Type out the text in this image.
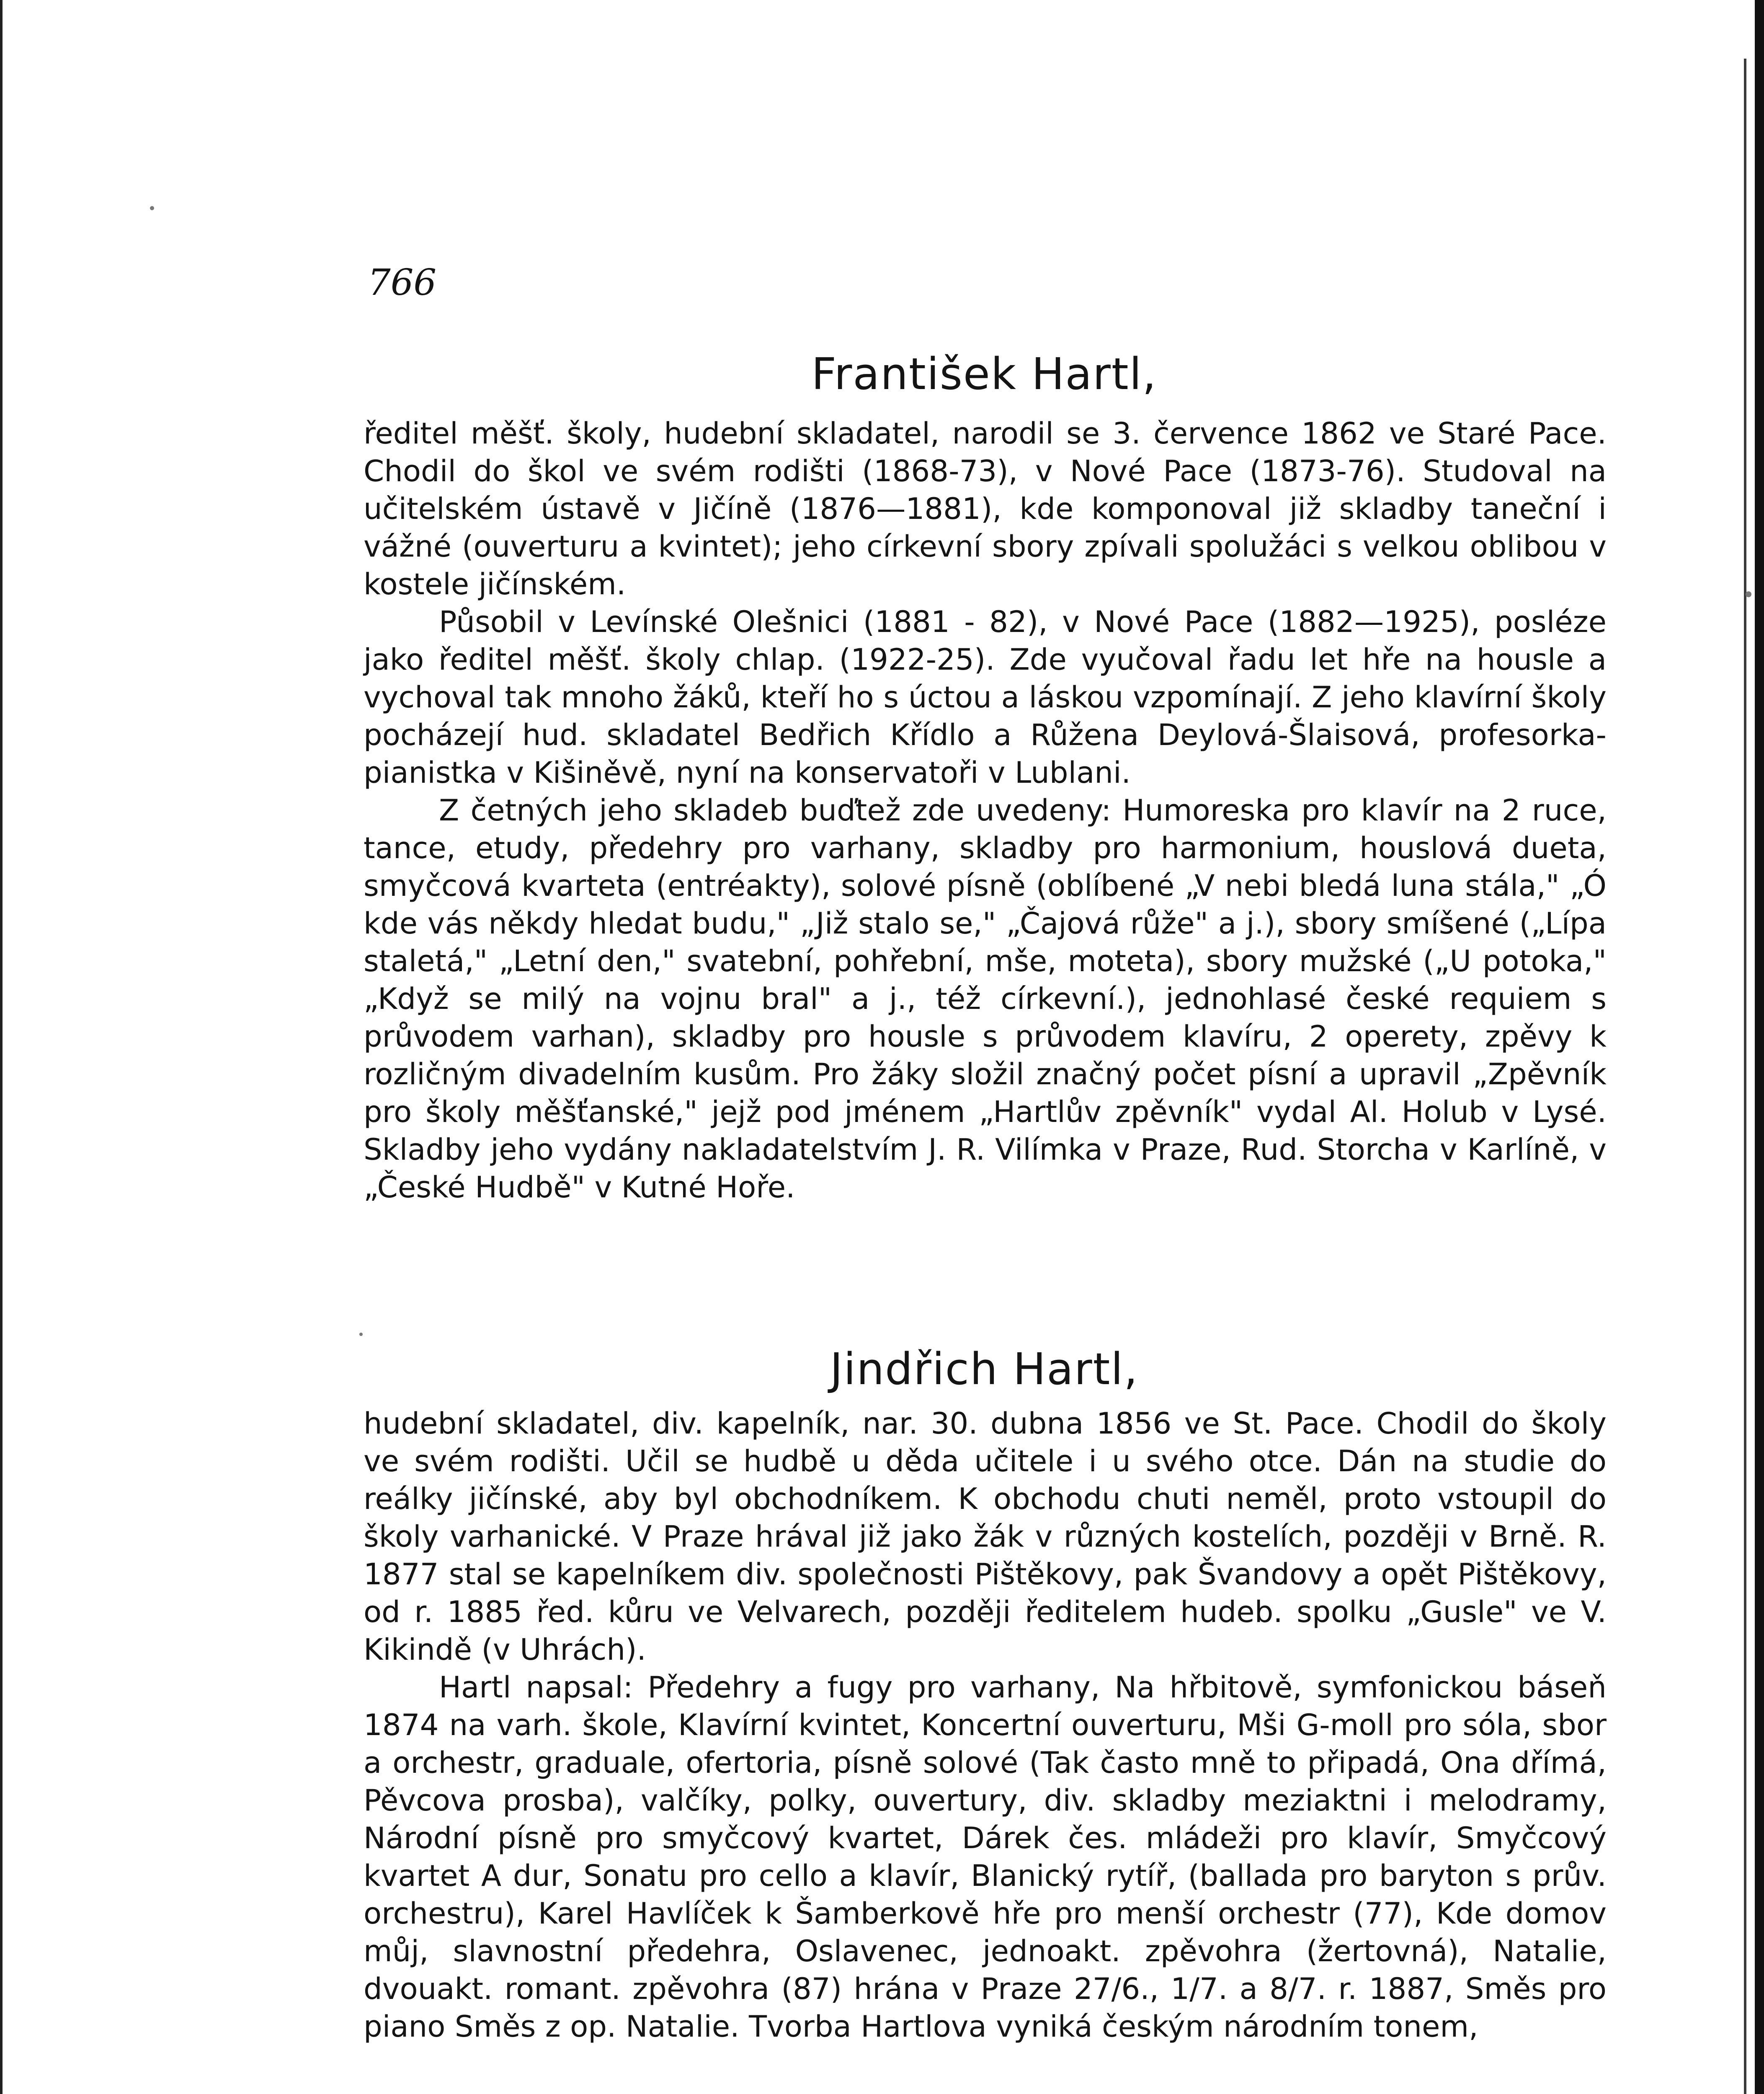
766
František Hartl,

ředitel měšť. školy, hudební skladatel, narodil se 3. července 1862 ve Staré Pace. Chodil do škol ve svém rodišti (1868-73), v Nové Pace (1873-76). Studoval na učitelském ústavě v Jičíně (1876—1881), kde komponoval již skladby taneční i vážné (ouverturu a kvintet); jeho církevní sbory zpívali spolužáci s velkou oblibou v kostele jičínském.

Působil v Levínské Olešnici (1881 - 82), v Nové Pace (1882—1925), posléze jako ředitel měšť. školy chlap. (1922-25). Zde vyučoval řadu let hře na housle a vychoval tak mnoho žáků, kteří ho s úctou a láskou vzpomínají. Z jeho klavírní školy pocházejí hud. skladatel Bedřich Křídlo a Růžena Deylová-Šlaisová, profesorka-pianistka v Kišiněvě, nyní na konservatoři v Lublani.

Z četných jeho skladeb buďtež zde uvedeny: Humoreska pro klavír na 2 ruce, tance, etudy, předehry pro varhany, skladby pro harmonium, houslová dueta, smyčcová kvarteta (entréakty), solové písně (oblíbené „V nebi bledá luna stála," „Ó kde vás někdy hledat budu," „Již stalo se," „Čajová růže" a j.), sbory smíšené („Lípa staletá," „Letní den," svatební, pohřební, mše, moteta), sbory mužské („U potoka," „Když se milý na vojnu bral" a j., též církevní.), jednohlasé české requiem s průvodem varhan), skladby pro housle s průvodem klavíru, 2 operety, zpěvy k rozličným divadelním kusům. Pro žáky složil značný počet písní a upravil „Zpěvník pro školy měšťanské," jejž pod jménem „Hartlův zpěvník" vydal Al. Holub v Lysé. Skladby jeho vydány nakladatelstvím J. R. Vilímka v Praze, Rud. Storcha v Karlíně, v „České Hudbě" v Kutné Hoře.

Jindřich Hartl,

hudební skladatel, div. kapelník, nar. 30. dubna 1856 ve St. Pace. Chodil do školy ve svém rodišti. Učil se hudbě u děda učitele i u svého otce. Dán na studie do reálky jičínské, aby byl obchodníkem. K obchodu chuti neměl, proto vstoupil do školy varhanické. V Praze hrával již jako žák v různých kostelích, později v Brně. R. 1877 stal se kapelníkem div. společnosti Pištěkovy, pak Švandovy a opět Pištěkovy, od r. 1885 řed. kůru ve Velvarech, později ředitelem hudeb. spolku „Gusle" ve V. Kikindě (v Uhrách).

Hartl napsal: Předehry a fugy pro varhany, Na hřbitově, symfonickou báseň 1874 na varh. škole, Klavírní kvintet, Koncertní ouverturu, Mši G-moll pro sóla, sbor a orchestr, graduale, ofertoria, písně solové (Tak často mně to připadá, Ona dřímá, Pěvcova prosba), valčíky, polky, ouvertury, div. skladby meziaktni i melodramy, Národní písně pro smyčcový kvartet, Dárek čes. mládeži pro klavír, Smyčcový kvartet A dur, Sonatu pro cello a klavír, Blanický rytíř, (ballada pro baryton s prův. orchestru), Karel Havlíček k Šamberkově hře pro menší orchestr (77), Kde domov můj, slavnostní předehra, Oslavenec, jednoakt. zpěvohra (žertovná), Natalie, dvouakt. romant. zpěvohra (87) hrána v Praze 27/6., 1/7. a 8/7. r. 1887, Směs pro piano Směs z op. Natalie. Tvorba Hartlova vyniká českým národním tonem,
